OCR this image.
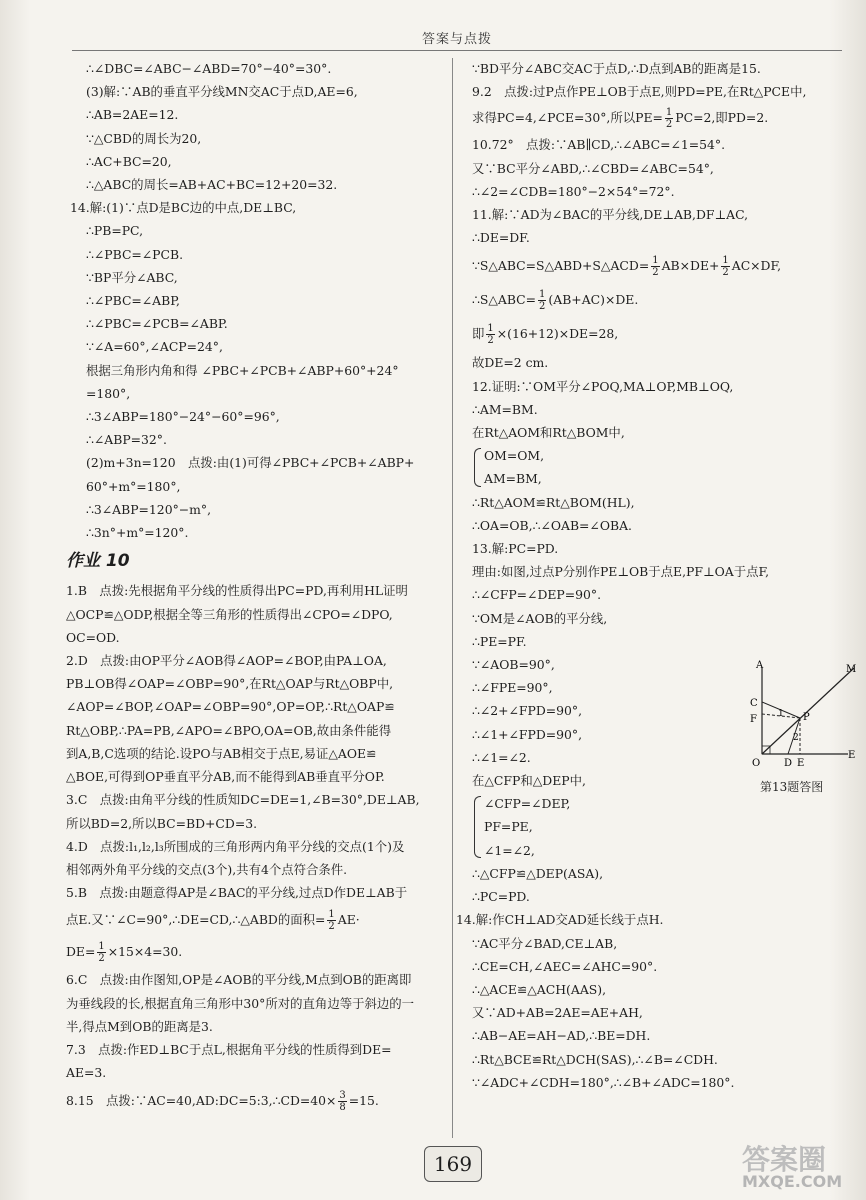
答案与点拨
∴∠DBC=∠ABC−∠ABD=70°−40°=30°.
(3)解:∵AB的垂直平分线MN交AC于点D,AE=6,
∴AB=2AE=12.
∵△CBD的周长为20,
∴AC+BC=20,
∴△ABC的周长=AB+AC+BC=12+20=32.
14.解:(1)∵点D是BC边的中点,DE⊥BC,
∴PB=PC,
∴∠PBC=∠PCB.
∵BP平分∠ABC,
∴∠PBC=∠ABP,
∴∠PBC=∠PCB=∠ABP.
∵∠A=60°,∠ACP=24°,
根据三角形内角和得 ∠PBC+∠PCB+∠ABP+60°+24°
=180°,
∴3∠ABP=180°−24°−60°=96°,
∴∠ABP=32°.
(2)m+3n=120　点拨:由(1)可得∠PBC+∠PCB+∠ABP+
60°+m°=180°,
∴3∠ABP=120°−m°,
∴3n°+m°=120°.
作业 10
1.B　点拨:先根据角平分线的性质得出PC=PD,再利用HL证明
△OCP≌△ODP,根据全等三角形的性质得出∠CPO=∠DPO,
OC=OD.
2.D　点拨:由OP平分∠AOB得∠AOP=∠BOP,由PA⊥OA,
PB⊥OB得∠OAP=∠OBP=90°,在Rt△OAP与Rt△OBP中,
∠AOP=∠BOP,∠OAP=∠OBP=90°,OP=OP,∴Rt△OAP≌
Rt△OBP,∴PA=PB,∠APO=∠BPO,OA=OB,故由条件能得
到A,B,C选项的结论.设PO与AB相交于点E,易证△AOE≌
△BOE,可得到OP垂直平分AB,而不能得到AB垂直平分OP.
3.C　点拨:由角平分线的性质知DC=DE=1,∠B=30°,DE⊥AB,
所以BD=2,所以BC=BD+CD=3.
4.D　点拨:l₁,l₂,l₃所围成的三角形两内角平分线的交点(1个)及
相邻两外角平分线的交点(3个),共有4个点符合条件.
5.B　点拨:由题意得AP是∠BAC的平分线,过点D作DE⊥AB于
点E.又∵∠C=90°,∴DE=CD,∴△ABD的面积= $\frac{1}{2} AE\cdot$
$DE= \frac{1}{2} \times 15\times 4=30$.
6.C　点拨:由作图知,OP是∠AOB的平分线,M点到OB的距离即
为垂线段的长,根据直角三角形中30°所对的直角边等于斜边的一
半,得点M到OB的距离是3.
7.3　点拨:作ED⊥BC于点L,根据角平分线的性质得到DE=
AE=3.
8.15　点拨:∵AC=40,AD:DC=5:3,∴CD=40× $\frac{3}{8} =15$.
∵BD平分∠ABC交AC于点D,∴D点到AB的距离是15.
9.2　点拨:过P点作PE⊥OB于点E,则PD=PE,在Rt△PCE中,
求得PC=4,∠PCE=30°,所以$PE= \frac{1}{2} PC=2$,即PD=2.
10.72°　点拨:∵AB∥CD,∴∠ABC=∠1=54°.
又∵BC平分∠ABD,∴∠CBD=∠ABC=54°,
∴∠2=∠CDB=180°−2×54°=72°.
11.解:∵AD为∠BAC的平分线,DE⊥AB,DF⊥AC,
∴DE=DF.
∵S△ABC=S△ABD+S△ACD= $\frac{1}{2} AB\times DE+ \frac{1}{2} AC\times DF$,
∴S△ABC= $\frac{1}{2} (AB+AC)\times DE$.
即 $\frac{1}{2} \times(16+12)\times DE=28$,
故DE=2 cm.
12.证明:∵OM平分∠POQ,MA⊥OP,MB⊥OQ,
∴AM=BM.
在Rt△AOM和Rt△BOM中,
OM=OM,
AM=BM,
∴Rt△AOM≌Rt△BOM(HL),
∴OA=OB,∴∠OAB=∠OBA.
13.解:PC=PD.
理由:如图,过点P分别作PE⊥OB于点E,PF⊥OA于点F,
∴∠CFP=∠DEP=90°.
∵OM是∠AOB的平分线,
∴PE=PF.
∵∠AOB=90°,
∴∠FPE=90°,
∴∠2+∠FPD=90°,
∴∠1+∠FPD=90°,
∴∠1=∠2.
在△CFP和△DEP中,
∠CFP=∠DEP,
PF=PE,
∠1=∠2,
∴△CFP≌△DEP(ASA),
∴PC=PD.
14.解:作CH⊥AD交AD延长线于点H.
∵AC平分∠BAD,CE⊥AB,
∴CE=CH,∠AEC=∠AHC=90°.
∴△ACE≌△ACH(AAS),
又∵AD+AB=2AE=AE+AH,
∴AB−AE=AH−AD,∴BE=DH.
∴Rt△BCE≌Rt△DCH(SAS),∴∠B=∠CDH.
∵∠ADC+∠CDH=180°,∴∠B+∠ADC=180°.
A	M
C
F 1 P
2
O D E
E
第13题答图
169	答案圈
MXQE.COM
